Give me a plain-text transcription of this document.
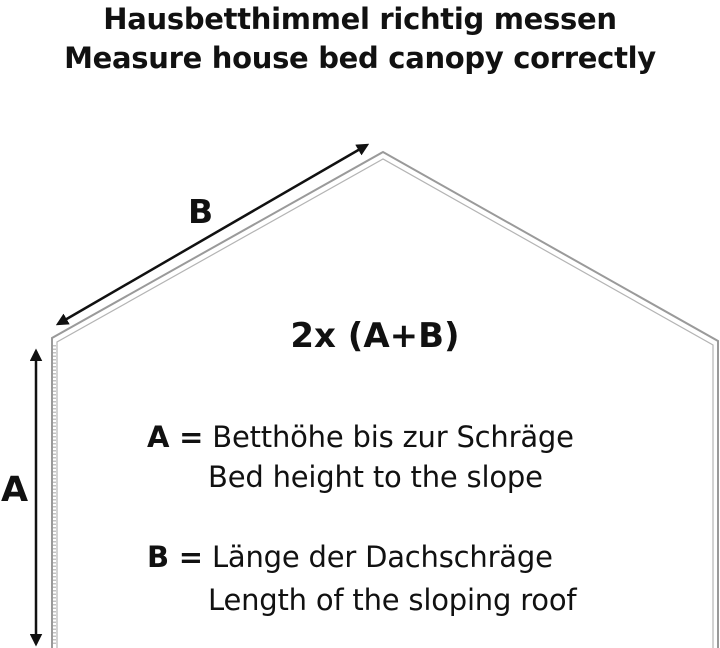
Hausbetthimmel richtig messen
Measure house bed canopy correctly
B
A
2x (A+B)
A = Betthöhe bis zur Schräge
Bed height to the slope
B = Länge der Dachschräge
Length of the sloping roof
